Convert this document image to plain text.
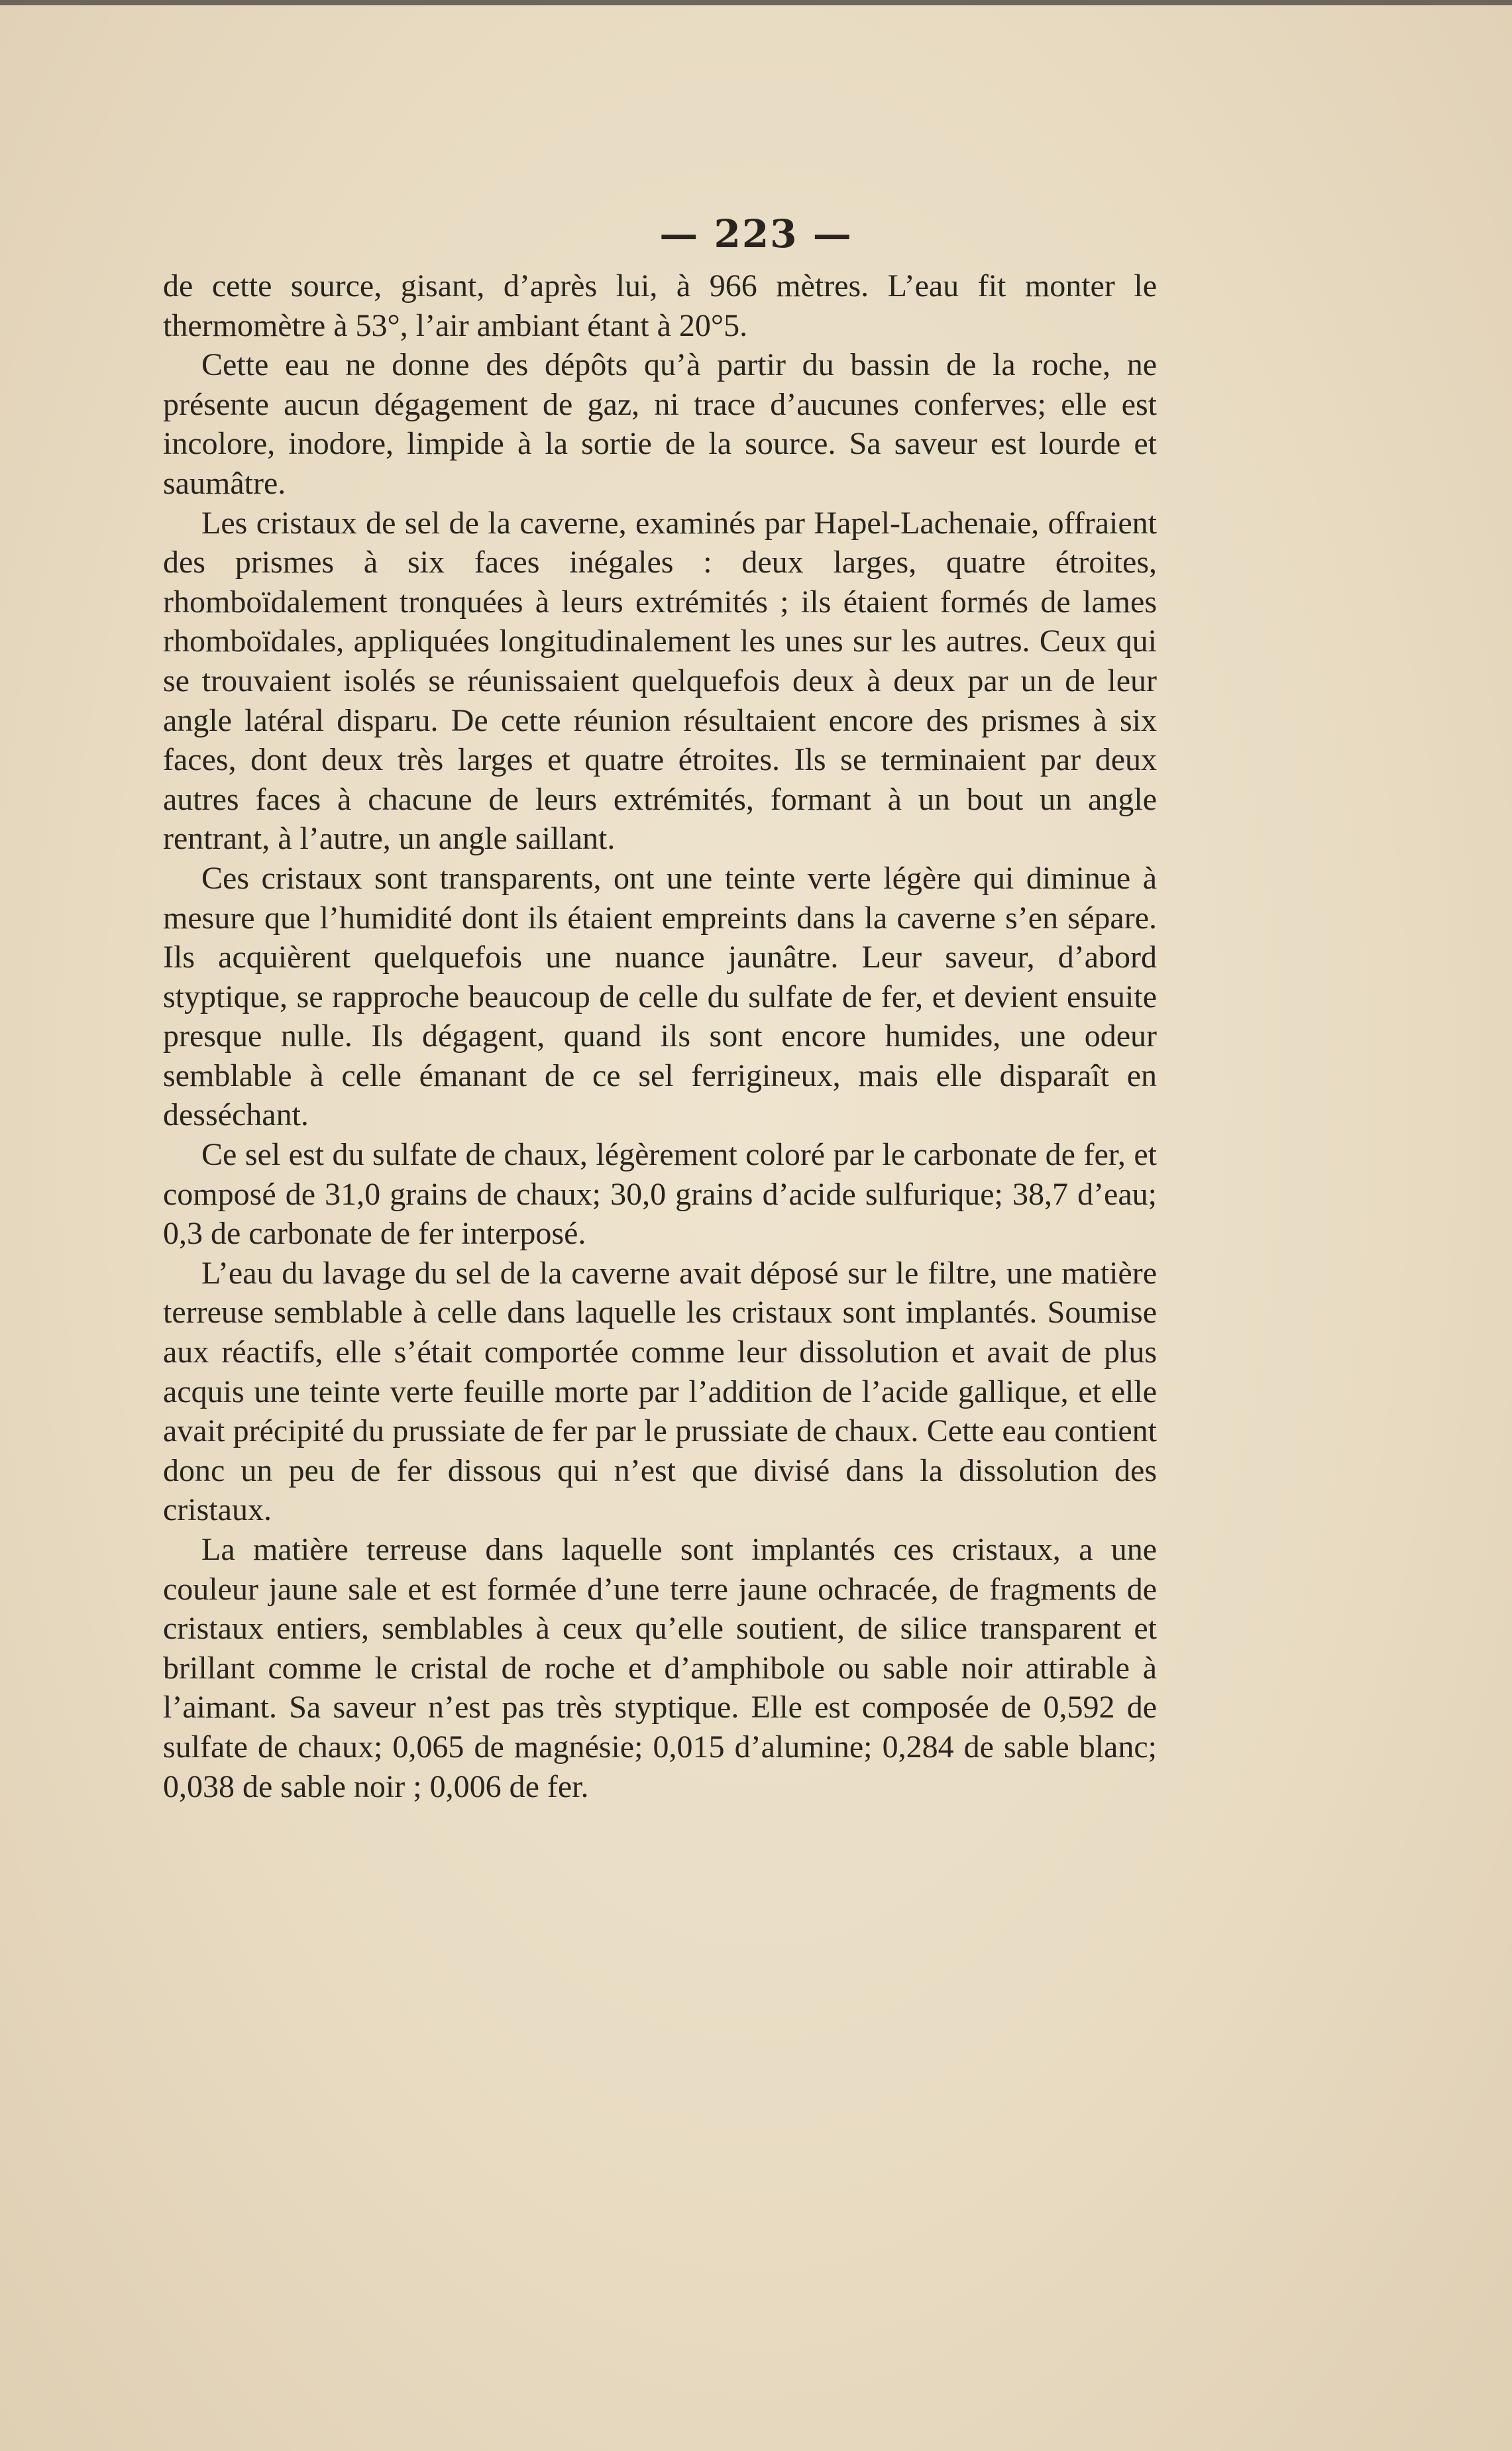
— 223 —

de cette source, gisant, d’après lui, à 966 mètres. L’eau fit monter le thermomètre à 53°, l’air ambiant étant à 20°5.

Cette eau ne donne des dépôts qu’à partir du bassin de la roche, ne présente aucun dégagement de gaz, ni trace d’aucunes conferves; elle est incolore, inodore, limpide à la sortie de la source. Sa saveur est lourde et saumâtre.

Les cristaux de sel de la caverne, examinés par Hapel-Lachenaie, offraient des prismes à six faces inégales : deux larges, quatre étroites, rhomboïdalement tronquées à leurs extrémités ; ils étaient formés de lames rhomboïdales, appliquées longitudinalement les unes sur les autres. Ceux qui se trouvaient isolés se réunissaient quelquefois deux à deux par un de leur angle latéral disparu. De cette réunion résultaient encore des prismes à six faces, dont deux très larges et quatre étroites. Ils se terminaient par deux autres faces à chacune de leurs extrémités, formant à un bout un angle rentrant, à l’autre, un angle saillant.

Ces cristaux sont transparents, ont une teinte verte légère qui diminue à mesure que l’humidité dont ils étaient empreints dans la caverne s’en sépare. Ils acquièrent quelquefois une nuance jaunâtre. Leur saveur, d’abord styptique, se rapproche beaucoup de celle du sulfate de fer, et devient ensuite presque nulle. Ils dégagent, quand ils sont encore humides, une odeur semblable à celle émanant de ce sel ferrigineux, mais elle disparaît en desséchant.

Ce sel est du sulfate de chaux, légèrement coloré par le carbonate de fer, et composé de 31,0 grains de chaux; 30,0 grains d’acide sulfurique; 38,7 d’eau; 0,3 de carbonate de fer interposé.

L’eau du lavage du sel de la caverne avait déposé sur le filtre, une matière terreuse semblable à celle dans laquelle les cristaux sont implantés. Soumise aux réactifs, elle s’était comportée comme leur dissolution et avait de plus acquis une teinte verte feuille morte par l’addition de l’acide gallique, et elle avait précipité du prussiate de fer par le prussiate de chaux. Cette eau contient donc un peu de fer dissous qui n’est que divisé dans la dissolution des cristaux.

La matière terreuse dans laquelle sont implantés ces cristaux, a une couleur jaune sale et est formée d’une terre jaune ochracée, de fragments de cristaux entiers, semblables à ceux qu’elle soutient, de silice transparent et brillant comme le cristal de roche et d’amphibole ou sable noir attirable à l’aimant. Sa saveur n’est pas très styptique. Elle est composée de 0,592 de sulfate de chaux; 0,065 de magnésie; 0,015 d’alumine; 0,284 de sable blanc; 0,038 de sable noir ; 0,006 de fer.
